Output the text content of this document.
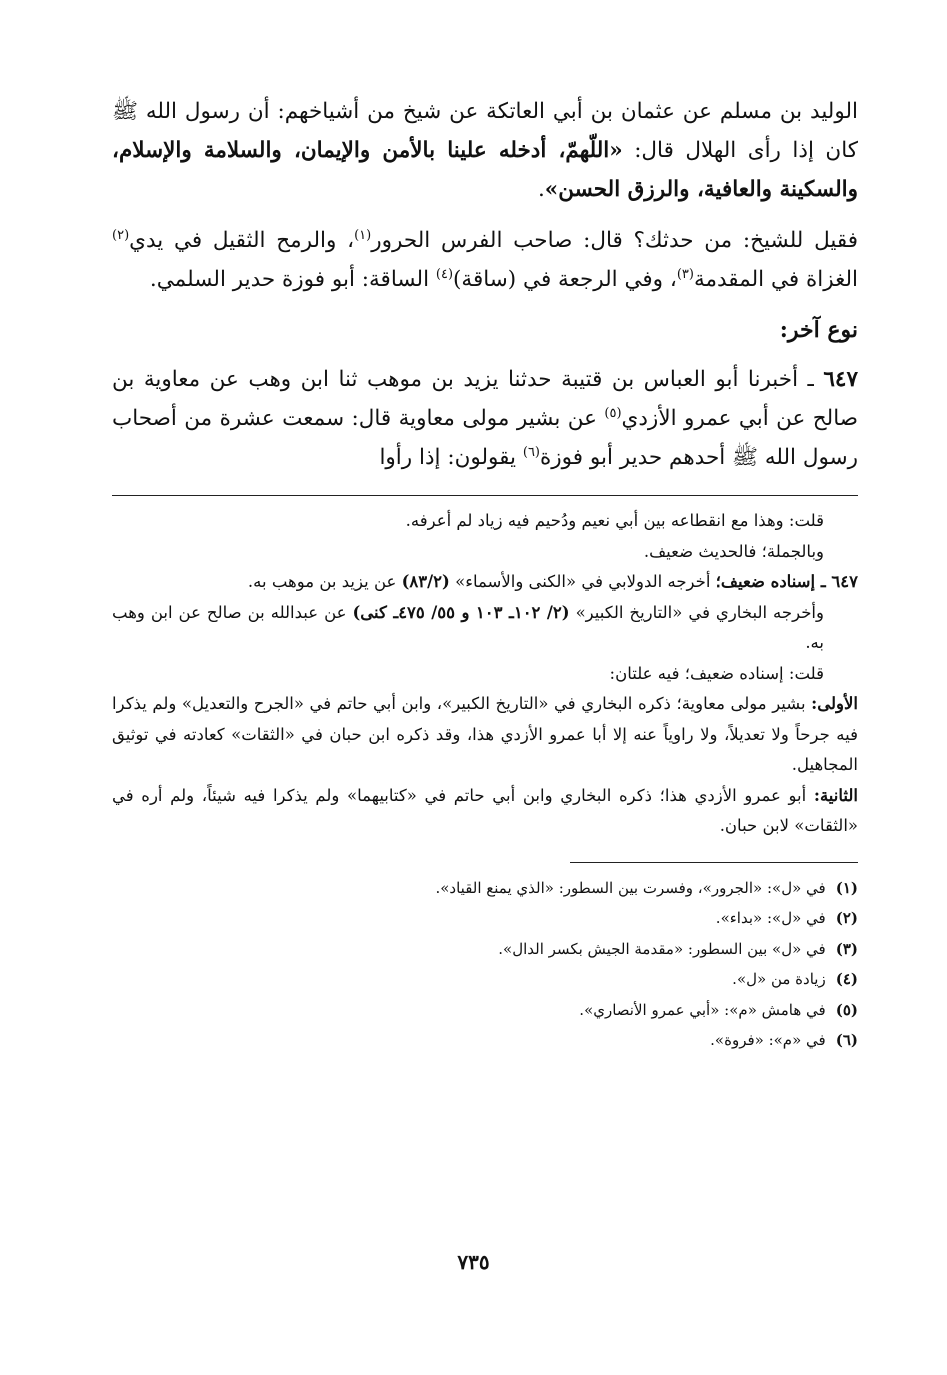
الوليد بن مسلم عن عثمان بن أبي العاتكة عن شيخ من أشياخهم: أن رسول الله ﷺ كان إذا رأى الهلال قال: «اللّهمّ، أدخله علينا بالأمن والإيمان، والسلامة والإسلام، والسكينة والعافية، والرزق الحسن».

فقيل للشيخ: من حدثك؟ قال: صاحب الفرس الحرور$^{(١)}$، والرمح الثقيل في يدي$^{(٢)}$ الغزاة في المقدمة$^{(٣)}$، وفي الرجعة في (ساقة)$^{(٤)}$ الساقة: أبو فوزة حدير السلمي.

نوع آخر:

٦٤٧ ـ أخبرنا أبو العباس بن قتيبة حدثنا يزيد بن موهب ثنا ابن وهب عن معاوية بن صالح عن أبي عمرو الأزدي$^{(٥)}$ عن بشير مولى معاوية قال: سمعت عشرة من أصحاب رسول الله ﷺ أحدهم حدير أبو فوزة$^{(٦)}$ يقولون: إذا رأوا

قلت: وهذا مع انقطاعه بين أبي نعيم ودُحيم فيه زياد لم أعرفه.

وبالجملة؛ فالحديث ضعيف.

٦٤٧ ـ إسناده ضعيف؛ أخرجه الدولابي في «الكنى والأسماء» (٨٣/٢) عن يزيد بن موهب به.

وأخرجه البخاري في «التاريخ الكبير» (٢/ ١٠٢ـ ١٠٣ و ٥٥/ ٤٧٥ـ كنى) عن عبدالله بن صالح عن ابن وهب به.

قلت: إسناده ضعيف؛ فيه علتان:

الأولى: بشير مولى معاوية؛ ذكره البخاري في «التاريخ الكبير»، وابن أبي حاتم في «الجرح والتعديل» ولم يذكرا فيه جرحاً ولا تعديلاً، ولا راوياً عنه إلا أبا عمرو الأزدي هذا، وقد ذكره ابن حبان في «الثقات» كعادته في توثيق المجاهيل.

الثانية: أبو عمرو الأزدي هذا؛ ذكره البخاري وابن أبي حاتم في «كتابيهما» ولم يذكرا فيه شيئاً، ولم أره في «الثقات» لابن حبان.

(١)
في «ل»: «الجرور»، وفسرت بين السطور: «الذي يمنع القياد».
(٢)
في «ل»: «بداء».
(٣)
في «ل» بين السطور: «مقدمة الجيش بكسر الدال».
(٤)
زيادة من «ل».
(٥)
في هامش «م»: «أبي عمرو الأنصاري».
(٦)
في «م»: «فروة».
٧٣٥
